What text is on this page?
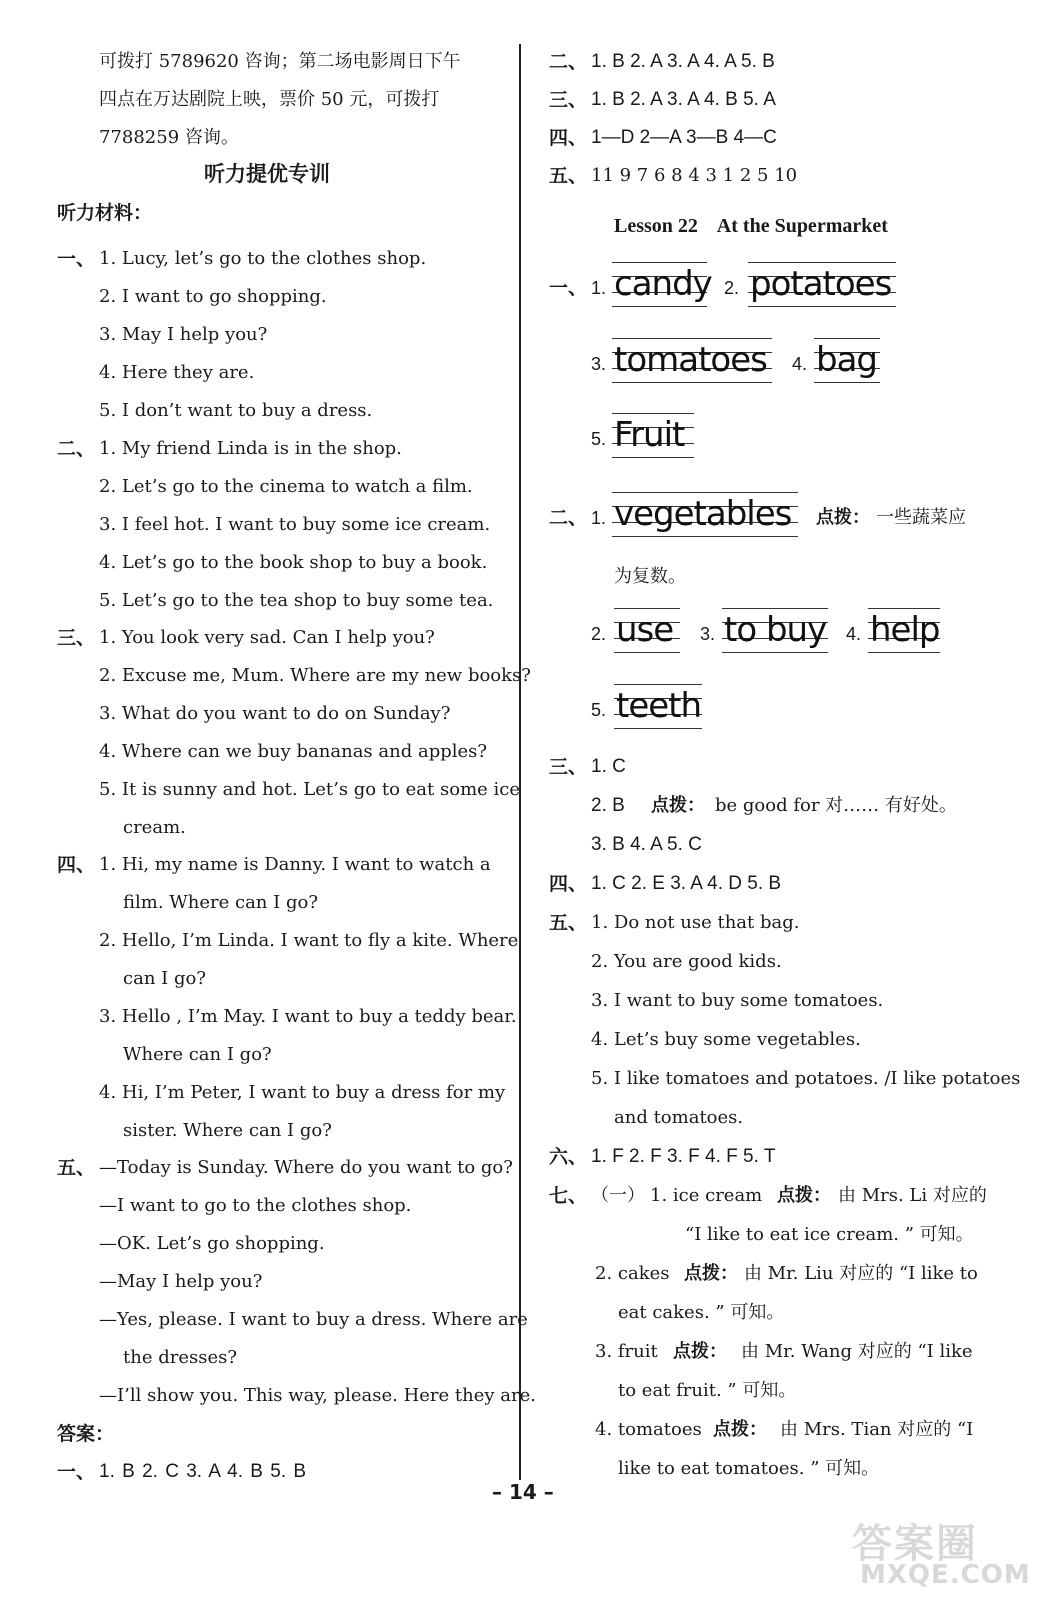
可拨打 5789620 咨询；第二场电影周日下午
四点在万达剧院上映，票价 50 元，可拨打
7788259 咨询。
听力提优专训
听力材料：
一、 1. Lucy, let’s go to the clothes shop.
2. I want to go shopping.
3. May I help you?
4. Here they are.
5. I don’t want to buy a dress.
二、 1. My friend Linda is in the shop.
2. Let’s go to the cinema to watch a film.
3. I feel hot. I want to buy some ice cream.
4. Let’s go to the book shop to buy a book.
5. Let’s go to the tea shop to buy some tea.
三、 1. You look very sad. Can I help you?
2. Excuse me, Mum. Where are my new books?
3. What do you want to do on Sunday?
4. Where can we buy bananas and apples?
5. It is sunny and hot. Let’s go to eat some ice
cream.
四、 1. Hi, my name is Danny. I want to watch a
film. Where can I go?
2. Hello, I’m Linda. I want to fly a kite. Where
can I go?
3. Hello , I’m May. I want to buy a teddy bear.
Where can I go?
4. Hi, I’m Peter, I want to buy a dress for my
sister. Where can I go?
五、 —Today is Sunday. Where do you want to go?
—I want to go to the clothes shop.
—OK. Let’s go shopping.
—May I help you?
—Yes, please. I want to buy a dress. Where are
the dresses?
—I’ll show you. This way, please. Here they are.
答案：
一、 1. B 2. C 3. A 4. B 5. B
二、 1. B 2. A 3. A 4. A 5. B
三、 1. B 2. A 3. A 4. B 5. A
四、 1—D 2—A 3—B 4—C
五、 11 9 7 6 8 4 3 1 2 5 10
Lesson 22    At the Supermarket
一、 1. candy 2. potatoes
3. tomatoes 4. bag
5. Fruit
二、 1. vegetables 点拨： 一些蔬菜应
为复数。
2. use 3. to buy 4. help
5. teeth
三、 1. C
2. B 点拨： be good for 对…… 有好处。
3. B 4. A 5. C
四、 1. C 2. E 3. A 4. D 5. B
五、 1. Do not use that bag.
2. You are good kids.
3. I want to buy some tomatoes.
4. Let’s buy some vegetables.
5. I like tomatoes and potatoes. /I like potatoes
and tomatoes.
六、 1. F 2. F 3. F 4. F 5. T
七、 （一） 1. ice cream 点拨： 由 Mrs. Li 对应的
“I like to eat ice cream. ” 可知。
2. cakes 点拨： 由 Mr. Liu 对应的 “I like to
eat cakes. ” 可知。
3. fruit 点拨： 由 Mr. Wang 对应的 “I like
to eat fruit. ” 可知。
4. tomatoes 点拨： 由 Mrs. Tian 对应的 “I
like to eat tomatoes. ” 可知。
– 14 –
答案圈
MXQE.COM
